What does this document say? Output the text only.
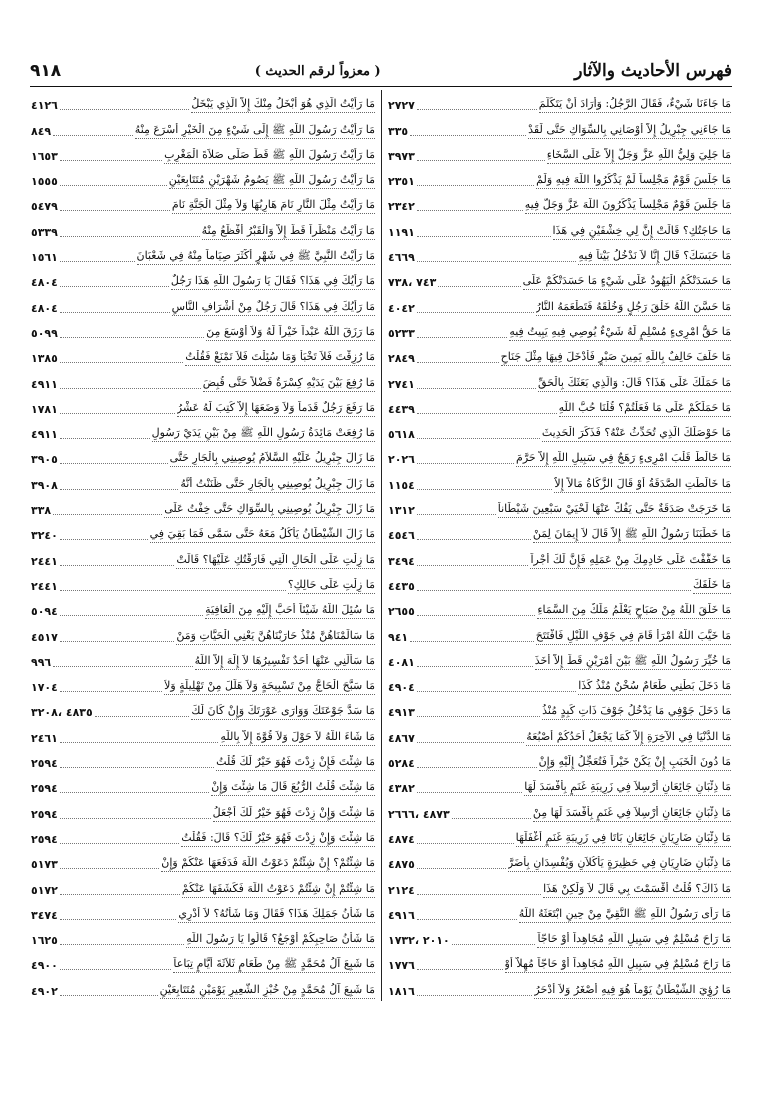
فهرس الأحاديث والآثار
( معزواً لرقم الحديث )
٩١٨
مَا جَاءَنَا شَيْءٌ، فَقَالَ الرَّجُلُ: وَأَرَادَ أَنْ يَتَكَلَّمَ
٢٧٢٧
مَا جَاءَنِي جِبْرِيلُ إِلاَّ أَوْصَانِي بِالسِّوَاكِ حَتَّى لَقَدْ
٣٣٥
مَا جَلِيَ وَلِيُّ اللَّهِ عَزَّ وَجَلَّ إِلاَّ عَلَى السَّخَاءِ
٣٩٧٣
مَا جَلَسَ قَوْمٌ مَجْلِساً لَمْ يَذْكُرُوا اللَّهَ فِيهِ وَلَمْ
٢٣٥١
مَا جَلَسَ قَوْمٌ مَجْلِساً يَذْكُرُونَ اللَّهَ عَزَّ وَجَلَّ فِيهِ
٢٣٤٢
مَا حَاجَتُكِ؟ قَالَتْ إِنَّ لِي خِشْفَيْنِ فِي هَذَا
١١٩١
مَا حَبَسَكَ؟ قَالَ إِنَّا لاَ نَدْخُلُ بَيْتاً فِيهِ
٤٦٦٩
مَا حَسَدَتْكُمُ الْيَهُودُ عَلَى شَيْءٍ مَا حَسَدَتْكُمْ عَلَى
٧٤٣ ،٧٣٨
مَا حَسَّنَ اللَّهُ خَلْقَ رَجُلٍ وَخُلُقَهُ فَتَطْعَمَهُ النَّارُ
٤٠٤٢
مَا حَقُّ امْرِىءٍ مُسْلِمٍ لَهُ شَيْءٌ يُوصِي فِيهِ يَبِيتُ فِيهِ
٥٢٣٣
مَا حَلَفَ حَالِفٌ بِاللَّهِ يَمِينَ صَبْرٍ فَأَدْخَلَ فِيهَا مِثْلَ جَنَاحِ
٢٨٤٩
مَا حَمَلَكَ عَلَى هَذَا؟ قَالَ: وَالَّذِي بَعَثَكَ بِالْحَقِّ
٢٧٤١
مَا حَمَلَكُمْ عَلَى مَا فَعَلْتُمْ؟ قُلْنَا حُبُّ اللَّهِ
٤٤٣٩
مَا حَوْصَلَكَ الَّذِي تُحَدِّثُ عَنْهُ؟ فَذَكَرَ الْحَدِيثَ
٥٦١٨
مَا خَالَطَ قَلْبَ امْرِىءٍ رَهَجٌ فِي سَبِيلِ اللَّهِ إِلاَّ حَرَّمَ
٢٠٢٦
مَا خَالَطَتِ الصَّدَقَةُ أَوْ قَالَ الزَّكَاةُ مَالاً إِلاَّ
١١٥٤
مَا خَرَجَتْ صَدَقَةٌ حَتَّى يَفُكَّ عَنْهَا لَحْيَيْ سَبْعِينَ شَيْطَاناً
١٣١٢
مَا خَطَبَنَا رَسُولُ اللَّهِ ﷺ إِلاَّ قَالَ لاَ إِيمَانَ لِمَنْ
٤٥٤٦
مَا خَفَّفْتَ عَلَى خَادِمِكَ مِنْ عَمَلِهِ فَإِنَّ لَكَ أَجْراً
٣٤٩٤
مَا خَلْفَكَ
٤٤٣٥
مَا خَلَقَ اللَّهُ مِنْ صَبَاحٍ يَعْلَمُ مَلَكٌ مِنَ السَّمَاءِ
٢٦٥٥
مَا خَيَّبَ اللَّهُ امْرَأً قَامَ فِي جَوْفِ اللَّيْلِ فَافْتَتَحَ
٩٤١
مَا خُيِّرَ رَسُولُ اللَّهِ ﷺ بَيْنَ أَمْرَيْنِ قَطُّ إِلاَّ أَخَذَ
٤٠٨١
مَا دَخَلَ بَطْنِي طَعَامٌ سُخْنٌ مُنْذُ كَذَا
٤٩٠٤
مَا دَخَلَ جَوْفِي مَا يَدْخُلُ جَوْفَ ذَاتِ كَبِدٍ مُنْذُ
٤٩١٣
مَا الدُّنْيَا فِي الآخِرَةِ إِلاَّ كَمَا يَجْعَلُ أَحَدُكُمْ أُصْبُعَهُ
٤٨٦٧
مَا دُونَ الْخَبَبِ إِنْ يَكُنْ خَيْراً فَتُعَجِّلُ إِلَيْهِ وَإِنْ
٥٢٨٤
مَا ذِئْبَانِ جَائِعَانِ أُرْسِلاَ فِي زَرِيبَةِ غَنَمٍ بِأَفْسَدَ لَهَا
٤٣٨٢
مَا ذِئْبَانِ جَائِعَانِ أُرْسِلاَ فِي غَنَمٍ بِأَفْسَدَ لَهَا مِنْ
٤٨٧٣ ،٢٦٦٦
مَا ذِئْبَانِ ضَارِيَانِ جَائِعَانِ بَاتَا فِي زَرِيبَةِ غَنَمٍ أَغْفَلَهَا
٤٨٧٤
مَا ذِئْبَانِ ضَارِيَانِ فِي حَظِيرَةٍ يَأْكُلاَنِ وَيُفْسِدَانِ بِأَضَرَّ
٤٨٧٥
مَا ذَاكَ؟ قُلْتُ أَقْسَمْتَ بِي قَالَ لاَ وَلَكِنْ هَذَا
٢١٢٤
مَا رَأَى رَسُولُ اللَّهِ ﷺ النَّقِيَّ مِنْ حِينِ ابْتَعَثَهُ اللَّهُ
٤٩١٦
مَا رَاحَ مُسْلِمٌ فِي سَبِيلِ اللَّهِ مُجَاهِداً أَوْ حَاجّاً
٢٠١٠ ،١٧٣٢
مَا رَاحَ مُسْلِمٌ فِي سَبِيلِ اللَّهِ مُجَاهِداً أَوْ حَاجّاً مُهِلاًّ أَوْ
١٧٧٦
مَا رُؤِيَ الشَّيْطَانُ يَوْماً هُوَ فِيهِ أَصْغَرُ وَلاَ أَدْحَرُ
١٨١٦
مَا رَأَيْتُ الَّذِي هُوَ أَبْخَلُ مِنْكَ إِلاَّ الَّذِي يَبْخَلُ
٤١٢٦
مَا رَأَيْتُ رَسُولَ اللَّهِ ﷺ إِلَى شَيْءٍ مِنَ الْخَيْرِ أَسْرَعَ مِنْهُ
٨٤٩
مَا رَأَيْتُ رَسُولَ اللَّهِ ﷺ قَطُّ صَلَّى صَلاَةَ الْمَغْرِبِ
١٦٥٣
مَا رَأَيْتُ رَسُولَ اللَّهِ ﷺ يَصُومُ شَهْرَيْنِ مُتَتَابِعَيْنِ
١٥٥٥
مَا رَأَيْتُ مِثْلَ النَّارِ نَامَ هَارِبُهَا وَلاَ مِثْلَ الْجَنَّةِ نَامَ
٥٤٧٩
مَا رَأَيْتُ مَنْظَراً قَطُّ إِلاَّ وَالْقَبْرُ أَفْظَعُ مِنْهُ
٥٣٣٩
مَا رَأَيْتُ النَّبِيَّ ﷺ فِي شَهْرٍ أَكْثَرَ صِيَاماً مِنْهُ فِي شَعْبَانَ
١٥٦١
مَا رَأْيُكَ فِي هَذَا؟ فَقَالَ يَا رَسُولَ اللَّهِ هَذَا رَجُلٌ
٤٨٠٤
مَا رَأْيُكَ فِي هَذَا؟ قَالَ رَجُلٌ مِنْ أَشْرَافِ النَّاسِ
٤٨٠٤
مَا رَزَقَ اللَّهُ عَبْداً خَيْراً لَهُ وَلاَ أَوْسَعَ مِنَ
٥٠٩٩
مَا رُزِقْتَ فَلاَ تَخْبَأْ وَمَا سُئِلْتَ فَلاَ تَمْنَعْ فَقُلْتُ
١٣٨٥
مَا رُفِعَ بَيْنَ يَدَيْهِ كِسْرَةٌ فَضْلاً حَتَّى قُبِضَ
٤٩١١
مَا رَفَعَ رَجُلٌ قَدَماً وَلاَ وَضَعَهَا إِلاَّ كُتِبَ لَهُ عَشْرُ
١٧٨١
مَا رُفِعَتْ مَائِدَةُ رَسُولِ اللَّهِ ﷺ مِنْ بَيْنِ يَدَيْ رَسُولِ
٤٩١١
مَا زَالَ جِبْرِيلُ عَلَيْهِ السَّلاَمُ يُوصِينِي بِالْجَارِ حَتَّى
٣٩٠٥
مَا زَالَ جِبْرِيلُ يُوصِينِي بِالْجَارِ حَتَّى ظَنَنْتُ أَنَّهُ
٣٩٠٨
مَا زَالَ جِبْرِيلُ يُوصِينِي بِالسِّوَاكِ حَتَّى خِفْتُ عَلَى
٣٣٨
مَا زَالَ الشَّيْطَانُ يَأْكُلُ مَعَهُ حَتَّى سَمَّى فَمَا بَقِيَ فِي
٣٢٤٠
مَا زِلْتِ عَلَى الْحَالِ الَّتِي فَارَقْتُكِ عَلَيْهَا؟ قَالَتْ
٢٤٤١
مَا زِلْتِ عَلَى حَالِكِ؟
٢٤٤١
مَا سُئِلَ اللَّهُ شَيْئاً أَحَبَّ إِلَيْهِ مِنَ الْعَافِيَةِ
٥٠٩٤
مَا سَالَمْنَاهُنَّ مُنْذُ حَارَبْنَاهُنَّ يَعْنِي الْحَيَّاتِ وَمَنْ
٤٥١٧
مَا سَأَلَنِي عَنْهَا أَحَدٌ تَفْسِيرُهَا لاَ إِلَهَ إِلاَّ اللَّهُ
٩٩٦
مَا سَبَّحَ الْحَاجُّ مِنْ تَسْبِيحَةٍ وَلاَ هَلَّلَ مِنْ تَهْلِيلَةٍ وَلاَ
١٧٠٤
مَا سَدَّ جَوْعَتَكَ وَوَارَى عَوْرَتَكَ وَإِنْ كَانَ لَكَ
٤٨٣٥ ،٣٢٠٨
مَا شَاءَ اللَّهُ لاَ حَوْلَ وَلاَ قُوَّةَ إِلاَّ بِاللَّهِ
٢٤٦١
مَا شِئْتَ فَإِنْ زِدْتَ فَهُوَ خَيْرٌ لَكَ قُلْتُ
٢٥٩٤
مَا شِئْتَ قُلْتُ الرُّبُعَ قَالَ مَا شِئْتَ وَإِنْ
٢٥٩٤
مَا شِئْتَ وَإِنْ زِدْتَ فَهُوَ خَيْرٌ لَكَ أَجْعَلُ
٢٥٩٤
مَا شِئْتَ وَإِنْ زِدْتَ فَهُوَ خَيْرٌ لَكَ؟ قَالَ: فَقُلْتُ
٢٥٩٤
مَا شِئْتُمْ؟ إِنْ شِئْتُمْ دَعَوْتُ اللَّهَ فَدَفَعَهَا عَنْكُمْ وَإِنْ
٥١٧٣
مَا شِئْتُمْ إِنْ شِئْتُمْ دَعَوْتُ اللَّهَ فَكَشَفَهَا عَنْكُمْ
٥١٧٢
مَا شَأْنُ جَمَلِكَ هَذَا؟ فَقَالَ وَمَا شَأْنُهُ؟ لاَ أَدْرِي
٣٤٧٤
مَا شَأْنُ صَاحِبِكُمْ أَوْجَعُ؟ قَالُوا يَا رَسُولَ اللَّهِ
١٦٢٥
مَا شَبِعَ آلُ مُحَمَّدٍ ﷺ مِنْ طَعَامٍ ثَلاَثَةَ أَيَّامٍ تِبَاعاً
٤٩٠٠
مَا شَبِعَ آلُ مُحَمَّدٍ مِنْ خُبْزِ الشَّعِيرِ يَوْمَيْنِ مُتَتَابِعَيْنِ
٤٩٠٢
